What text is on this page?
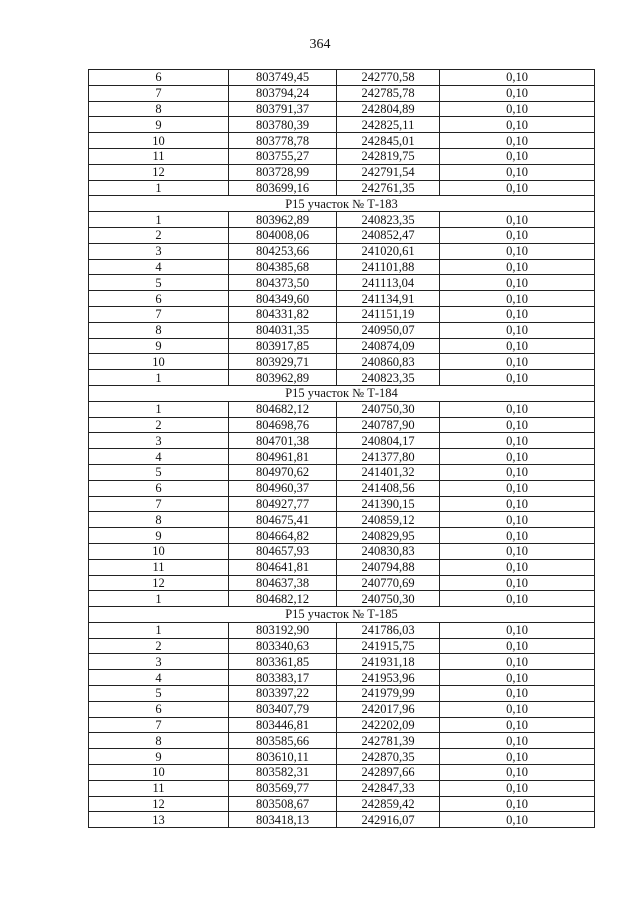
364
6	803749,45	242770,58	0,10
7	803794,24	242785,78	0,10
8	803791,37	242804,89	0,10
9	803780,39	242825,11	0,10
10	803778,78	242845,01	0,10
11	803755,27	242819,75	0,10
12	803728,99	242791,54	0,10
1	803699,16	242761,35	0,10
Р15 участок № Т-183			
1	803962,89	240823,35	0,10
2	804008,06	240852,47	0,10
3	804253,66	241020,61	0,10
4	804385,68	241101,88	0,10
5	804373,50	241113,04	0,10
6	804349,60	241134,91	0,10
7	804331,82	241151,19	0,10
8	804031,35	240950,07	0,10
9	803917,85	240874,09	0,10
10	803929,71	240860,83	0,10
1	803962,89	240823,35	0,10
Р15 участок № Т-184			
1	804682,12	240750,30	0,10
2	804698,76	240787,90	0,10
3	804701,38	240804,17	0,10
4	804961,81	241377,80	0,10
5	804970,62	241401,32	0,10
6	804960,37	241408,56	0,10
7	804927,77	241390,15	0,10
8	804675,41	240859,12	0,10
9	804664,82	240829,95	0,10
10	804657,93	240830,83	0,10
11	804641,81	240794,88	0,10
12	804637,38	240770,69	0,10
1	804682,12	240750,30	0,10
Р15 участок № Т-185			
1	803192,90	241786,03	0,10
2	803340,63	241915,75	0,10
3	803361,85	241931,18	0,10
4	803383,17	241953,96	0,10
5	803397,22	241979,99	0,10
6	803407,79	242017,96	0,10
7	803446,81	242202,09	0,10
8	803585,66	242781,39	0,10
9	803610,11	242870,35	0,10
10	803582,31	242897,66	0,10
11	803569,77	242847,33	0,10
12	803508,67	242859,42	0,10
13	803418,13	242916,07	0,10
